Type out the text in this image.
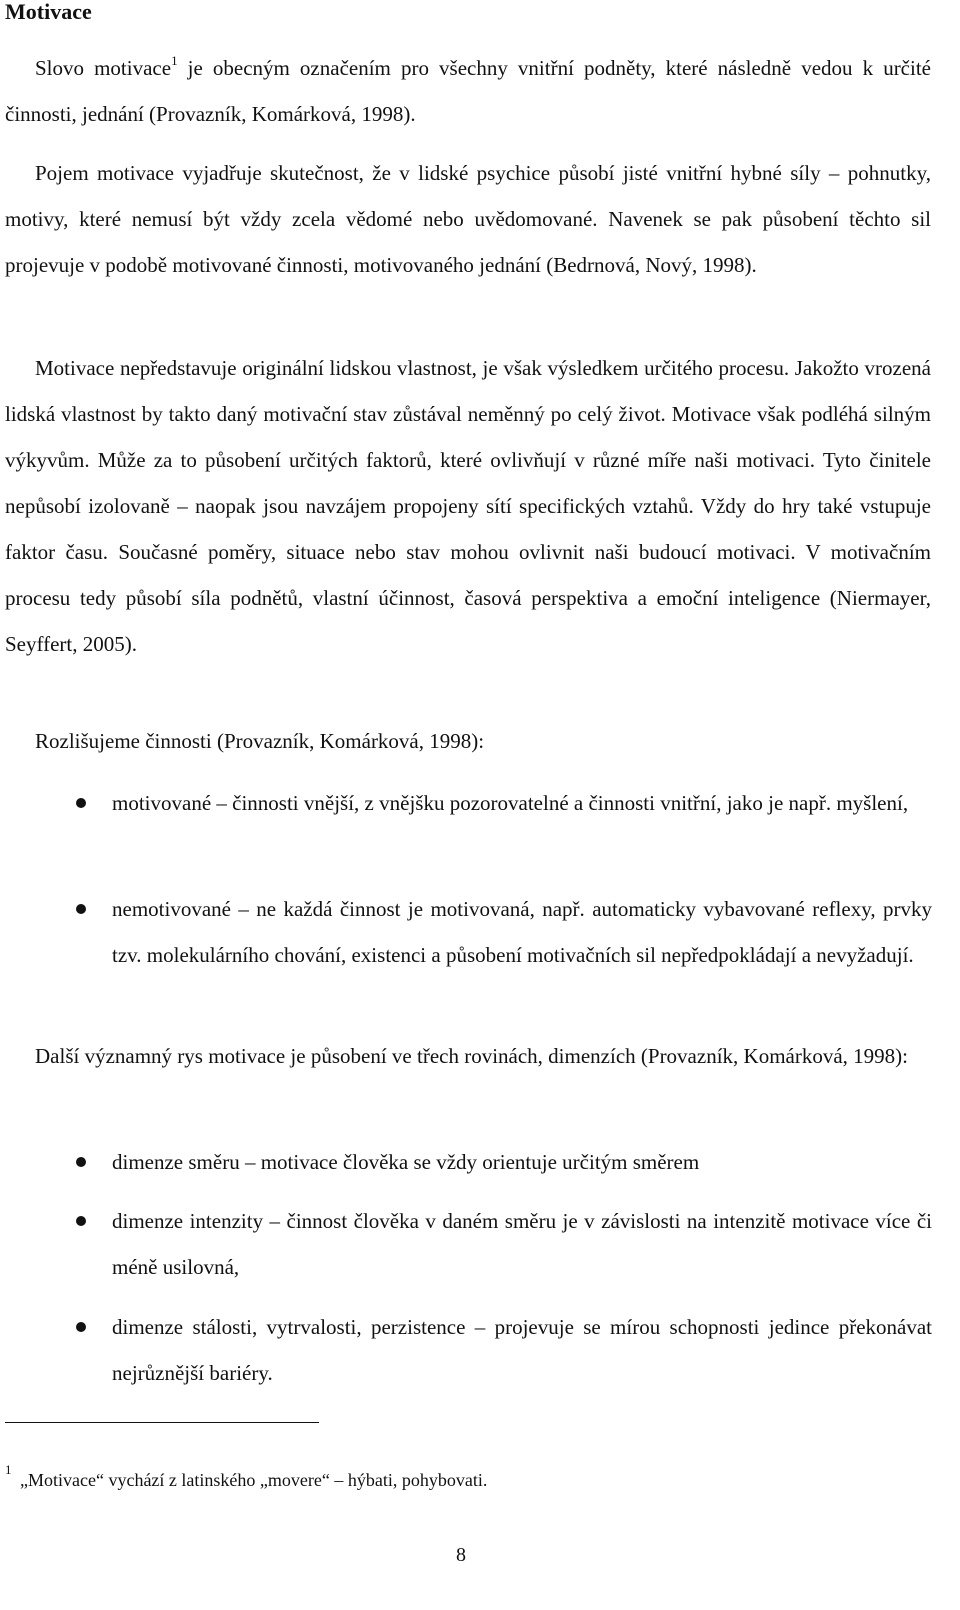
Motivace

Slovo motivace$^1$ je obecným označením pro všechny vnitřní podněty, které následně vedou k určité činnosti, jednání (Provazník, Komárková, 1998).

Pojem motivace vyjadřuje skutečnost, že v lidské psychice působí jisté vnitřní hybné síly – pohnutky, motivy, které nemusí být vždy zcela vědomé nebo uvědomované. Navenek se pak působení těchto sil projevuje v podobě motivované činnosti, motivovaného jednání (Bedrnová, Nový, 1998).

Motivace nepředstavuje originální lidskou vlastnost, je však výsledkem určitého procesu. Jakožto vrozená lidská vlastnost by takto daný motivační stav zůstával neměnný po celý život. Motivace však podléhá silným výkyvům. Může za to působení určitých faktorů, které ovlivňují v různé míře naši motivaci. Tyto činitele nepůsobí izolovaně – naopak jsou navzájem propojeny sítí specifických vztahů. Vždy do hry také vstupuje faktor času. Současné poměry, situace nebo stav mohou ovlivnit naši budoucí motivaci. V motivačním procesu tedy působí síla podnětů, vlastní účinnost, časová perspektiva a emoční inteligence (Niermayer, Seyffert, 2005).

Rozlišujeme činnosti (Provazník, Komárková, 1998):

motivované – činnosti vnější, z vnějšku pozorovatelné a činnosti vnitřní, jako je např. myšlení,

nemotivované – ne každá činnost je motivovaná, např. automaticky vybavované reflexy, prvky tzv. molekulárního chování, existenci a působení motivačních sil nepředpokládají a nevyžadují.

Další významný rys motivace je působení ve třech rovinách, dimenzích (Provazník, Komárková, 1998):

dimenze směru – motivace člověka se vždy orientuje určitým směrem

dimenze intenzity – činnost člověka v daném směru je v závislosti na intenzitě motivace více či méně usilovná,

dimenze stálosti, vytrvalosti, perzistence – projevuje se mírou schopnosti jedince překonávat nejrůznější bariéry.

1
„Motivace“ vychází z latinského „movere“ – hýbati, pohybovati.
8
